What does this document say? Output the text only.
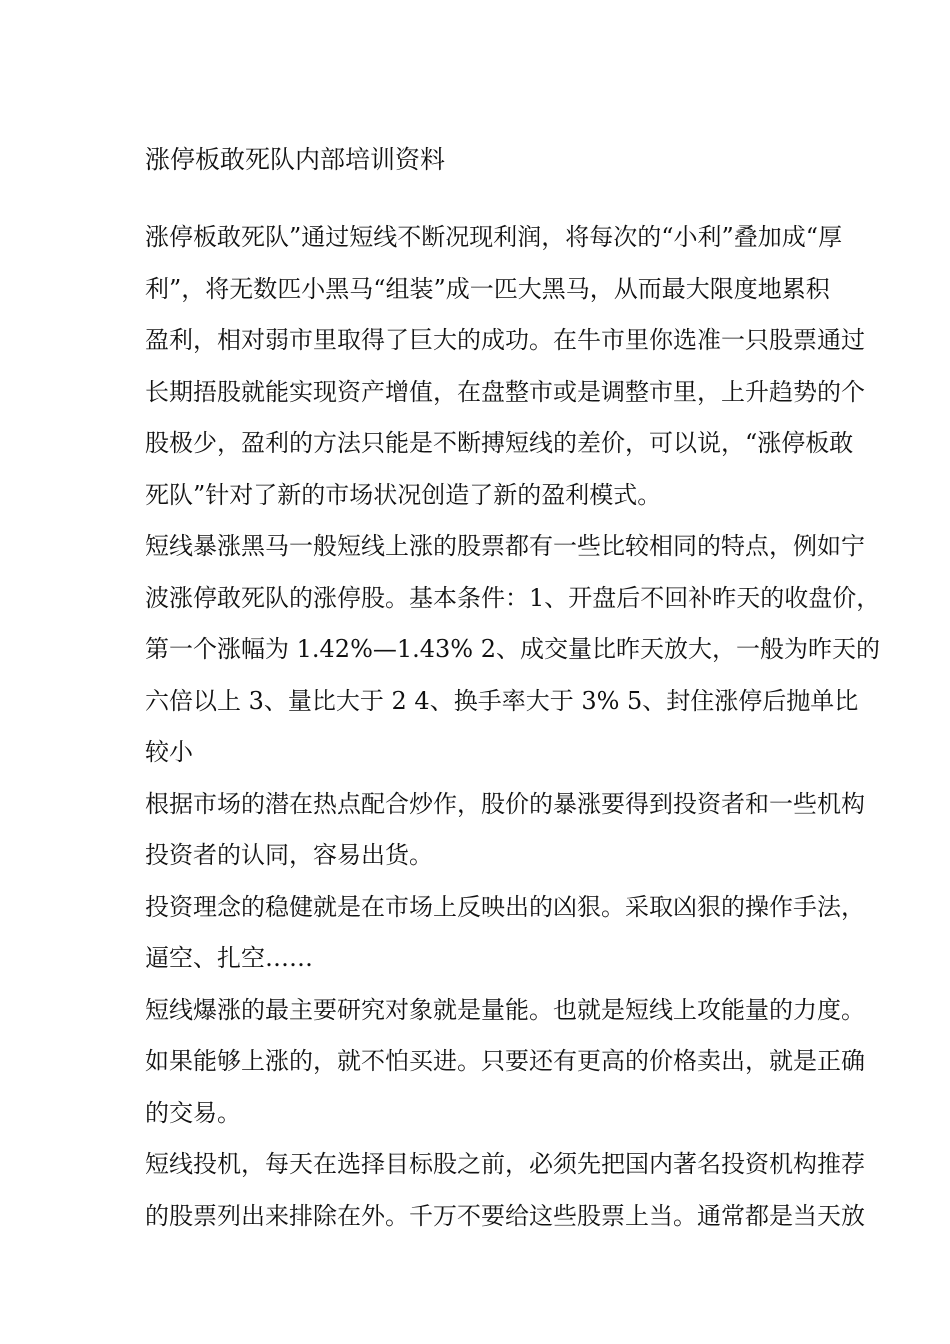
涨停板敢死队内部培训资料
涨停板敢死队”通过短线不断况现利润，将每次的“小利”叠加成“厚
利”，将无数匹小黑马“组装”成一匹大黑马，从而最大限度地累积
盈利，相对弱市里取得了巨大的成功。在牛市里你选准一只股票通过
长期捂股就能实现资产增值，在盘整市或是调整市里，上升趋势的个
股极少，盈利的方法只能是不断搏短线的差价，可以说，“涨停板敢
死队”针对了新的市场状况创造了新的盈利模式。
短线暴涨黑马一般短线上涨的股票都有一些比较相同的特点，例如宁
波涨停敢死队的涨停股。基本条件：1、开盘后不回补昨天的收盘价，
第一个涨幅为 1.42%—1.43% 2、成交量比昨天放大，一般为昨天的
六倍以上 3、量比大于 2 4、换手率大于 3% 5、封住涨停后抛单比
较小
根据市场的潜在热点配合炒作，股价的暴涨要得到投资者和一些机构
投资者的认同，容易出货。
投资理念的稳健就是在市场上反映出的凶狠。采取凶狠的操作手法，
逼空、扎空……
短线爆涨的最主要研究对象就是量能。也就是短线上攻能量的力度。
如果能够上涨的，就不怕买进。只要还有更高的价格卖出，就是正确
的交易。
短线投机，每天在选择目标股之前，必须先把国内著名投资机构推荐
的股票列出来排除在外。千万不要给这些股票上当。通常都是当天放
